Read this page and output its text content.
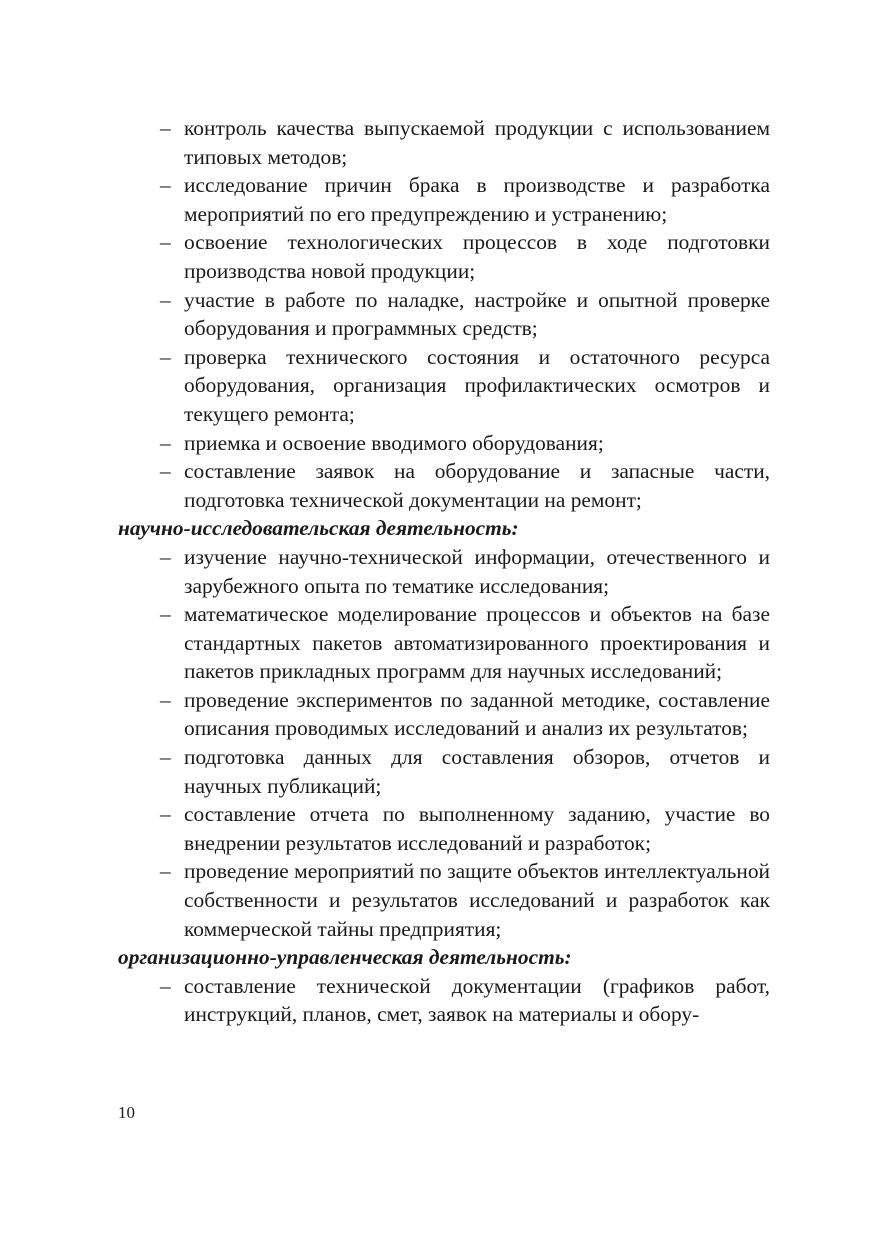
– контроль качества выпускаемой продукции с использованием типовых методов;
– исследование причин брака в производстве и разработка мероприятий по его предупреждению и устранению;
– освоение технологических процессов в ходе подготовки производства новой продукции;
– участие в работе по наладке, настройке и опытной проверке оборудования и программных средств;
– проверка технического состояния и остаточного ресурса оборудования, организация профилактических осмотров и текущего ремонта;
– приемка и освоение вводимого оборудования;
– составление заявок на оборудование и запасные части, подготовка технической документации на ремонт;

научно-исследовательская деятельность:

– изучение научно-технической информации, отечественного и зарубежного опыта по тематике исследования;
– математическое моделирование процессов и объектов на базе стандартных пакетов автоматизированного проектирования и пакетов прикладных программ для научных исследований;
– проведение экспериментов по заданной методике, составление описания проводимых исследований и анализ их результатов;
– подготовка данных для составления обзоров, отчетов и научных публикаций;
– составление отчета по выполненному заданию, участие во внедрении результатов исследований и разработок;
– проведение мероприятий по защите объектов интеллектуальной собственности и результатов исследований и разработок как коммерческой тайны предприятия;

организационно-управленческая деятельность:

– составление технической документации (графиков работ, инструкций, планов, смет, заявок на материалы и обору-
10
